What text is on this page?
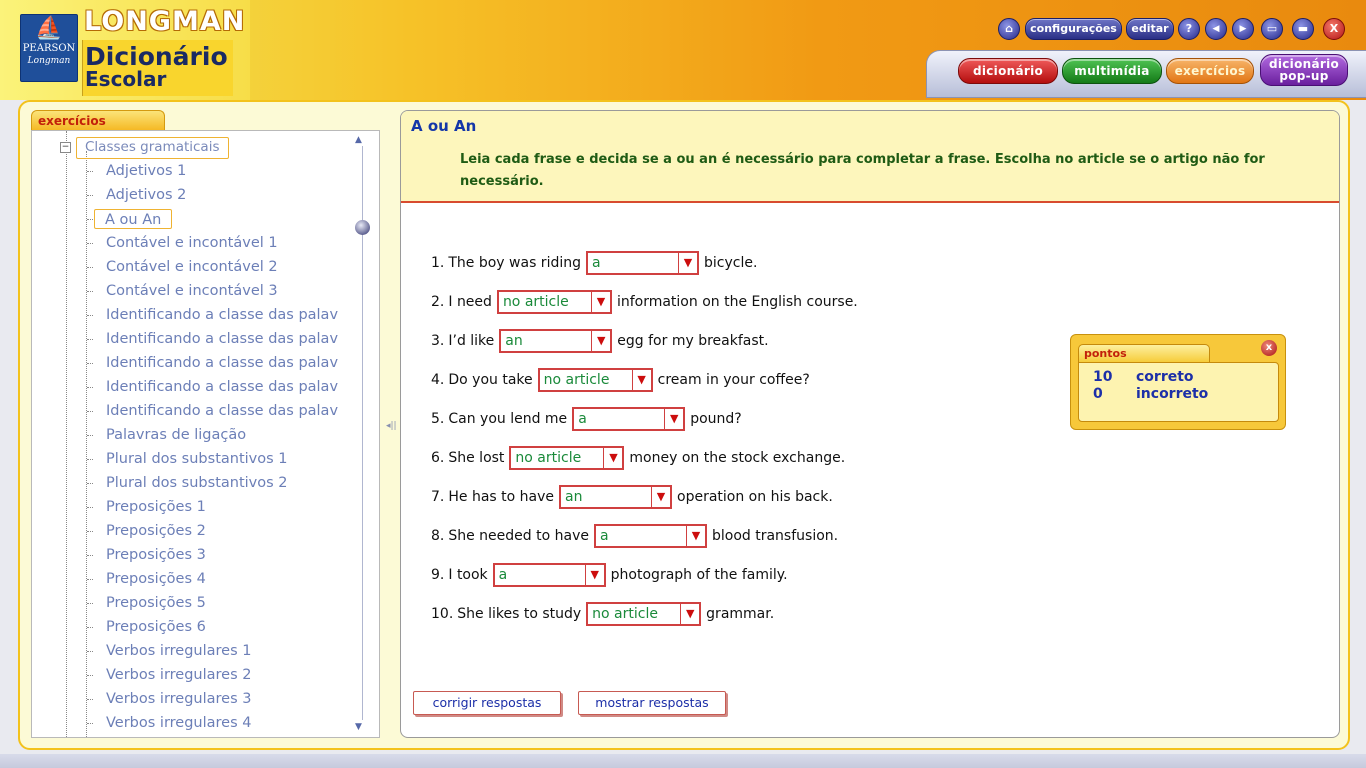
⛵
PEARSON
Longman
LONGMAN
Dicionário
Escolar
⌂	configurações	editar	?	◀	▶	▭	▬	X
dicionário	multimídia	exercícios	dicionário
pop-up
exercícios
−	Classes gramaticais
Adjetivos 1
Adjetivos 2
A ou An
Contável e incontável 1
Contável e incontável 2
Contável e incontável 3
Identificando a classe das palav
Identificando a classe das palav
Identificando a classe das palav
Identificando a classe das palav
Identificando a classe das palav
Palavras de ligação
Plural dos substantivos 1
Plural dos substantivos 2
Preposições 1
Preposições 2
Preposições 3
Preposições 4
Preposições 5
Preposições 6
Verbos irregulares 1
Verbos irregulares 2
Verbos irregulares 3
Verbos irregulares 4
▲
▼
◂||
A ou An
Leia cada frase e decida se a ou an é necessário para completar a frase. Escolha no article se o artigo não for necessário.
1. The boy was riding a	▼ bicycle.
2. I need no article	▼ information on the English course.
3. I’d like an	▼ egg for my breakfast.
4. Do you take no article	▼ cream in your coffee?
5. Can you lend me a	▼ pound?
6. She lost no article	▼ money on the stock exchange.
7. He has to have an	▼ operation on his back.
8. She needed to have a	▼ blood transfusion.
9. I took a	▼ photograph of the family.
10. She likes to study no article	▼ grammar.
corrigir respostas	mostrar respostas
pontos	x
10 correto
0 incorreto
